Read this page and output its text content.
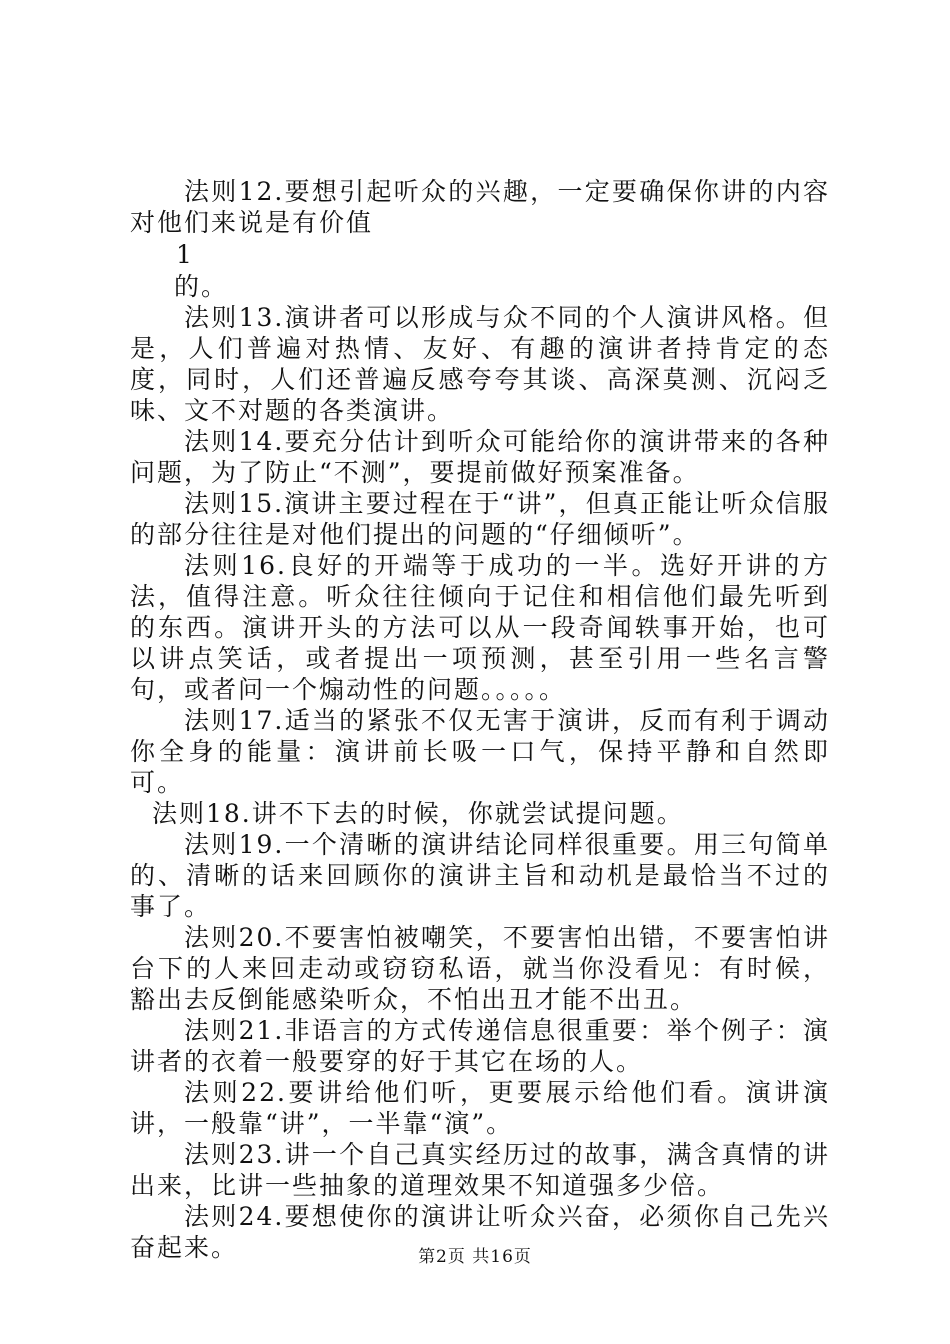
法则12.要想引起听众的兴趣，一定要确保你讲的内容对他们来说是有价值

1

的。

法则13.演讲者可以形成与众不同的个人演讲风格。但是，人们普遍对热情、友好、有趣的演讲者持肯定的态度，同时，人们还普遍反感夸夸其谈、高深莫测、沉闷乏味、文不对题的各类演讲。

法则14.要充分估计到听众可能给你的演讲带来的各种问题，为了防止“不测”，要提前做好预案准备。

法则15.演讲主要过程在于“讲”，但真正能让听众信服的部分往往是对他们提出的问题的“仔细倾听”。

法则16.良好的开端等于成功的一半。选好开讲的方法，值得注意。听众往往倾向于记住和相信他们最先听到的东西。演讲开头的方法可以从一段奇闻轶事开始，也可以讲点笑话，或者提出一项预测，甚至引用一些名言警句，或者问一个煽动性的问题。。。。。

法则17.适当的紧张不仅无害于演讲，反而有利于调动你全身的能量：演讲前长吸一口气，保持平静和自然即可。

法则18.讲不下去的时候，你就尝试提问题。

法则19.一个清晰的演讲结论同样很重要。用三句简单的、清晰的话来回顾你的演讲主旨和动机是最恰当不过的事了。

法则20.不要害怕被嘲笑，不要害怕出错，不要害怕讲台下的人来回走动或窃窃私语，就当你没看见：有时候，豁出去反倒能感染听众，不怕出丑才能不出丑。

法则21.非语言的方式传递信息很重要：举个例子：演讲者的衣着一般要穿的好于其它在场的人。

法则22.要讲给他们听，更要展示给他们看。演讲演讲，一般靠“讲”，一半靠“演”。

法则23.讲一个自己真实经历过的故事，满含真情的讲出来，比讲一些抽象的道理效果不知道强多少倍。

法则24.要想使你的演讲让听众兴奋，必须你自己先兴奋起来。	第2页 共16页
